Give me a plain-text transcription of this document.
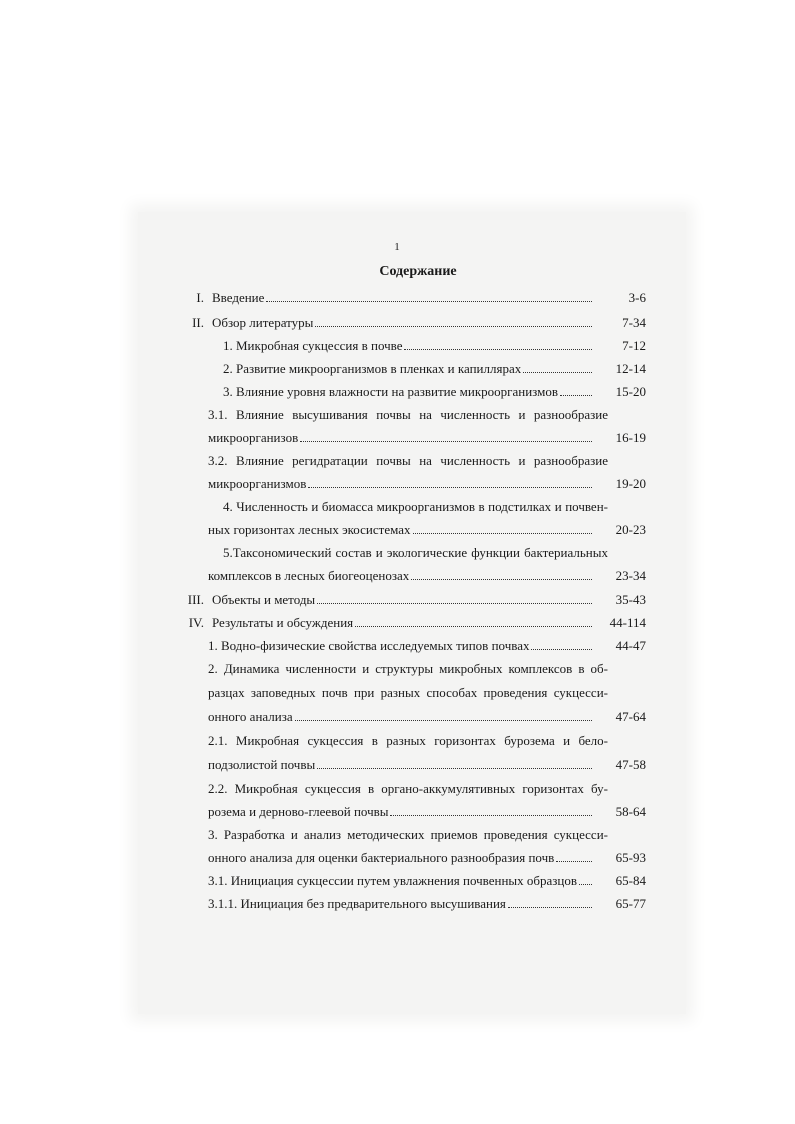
1
Содержание
I. Введение	3-6
II. Обзор литературы	7-34
1. Микробная сукцессия в почве	7-12
2. Развитие микроорганизмов в пленках и капиллярах	12-14
3. Влияние уровня влажности на развитие микроорганизмов	15-20
3.1. Влияние высушивания почвы на численность и разнообразие
микроорганизов	16-19
3.2. Влияние регидратации почвы на численность и разнообразие
микроорганизмов	19-20
4. Численность и биомасса микроорганизмов в подстилках и почвен-
ных горизонтах лесных экосистемах	20-23
5.Таксономический состав и экологические функции бактериальных
комплексов в лесных биогеоценозах	23-34
III. Объекты и методы	35-43
IV. Результаты и обсуждения	44-114
1. Водно-физические свойства исследуемых типов почвах	44-47
2. Динамика численности и структуры микробных комплексов в об-
разцах заповедных почв при разных способах проведения сукцесси-
онного анализа	47-64
2.1. Микробная сукцессия в разных горизонтах бурозема и бело-
подзолистой почвы	47-58
2.2. Микробная сукцессия в органо-аккумулятивных горизонтах бу-
розема и дерново-глеевой почвы	58-64
3. Разработка и анализ методических приемов проведения сукцесси-
онного анализа для оценки бактериального разнообразия почв	65-93
3.1. Инициация сукцессии путем увлажнения почвенных образцов	65-84
3.1.1. Инициация без предварительного высушивания	65-77
